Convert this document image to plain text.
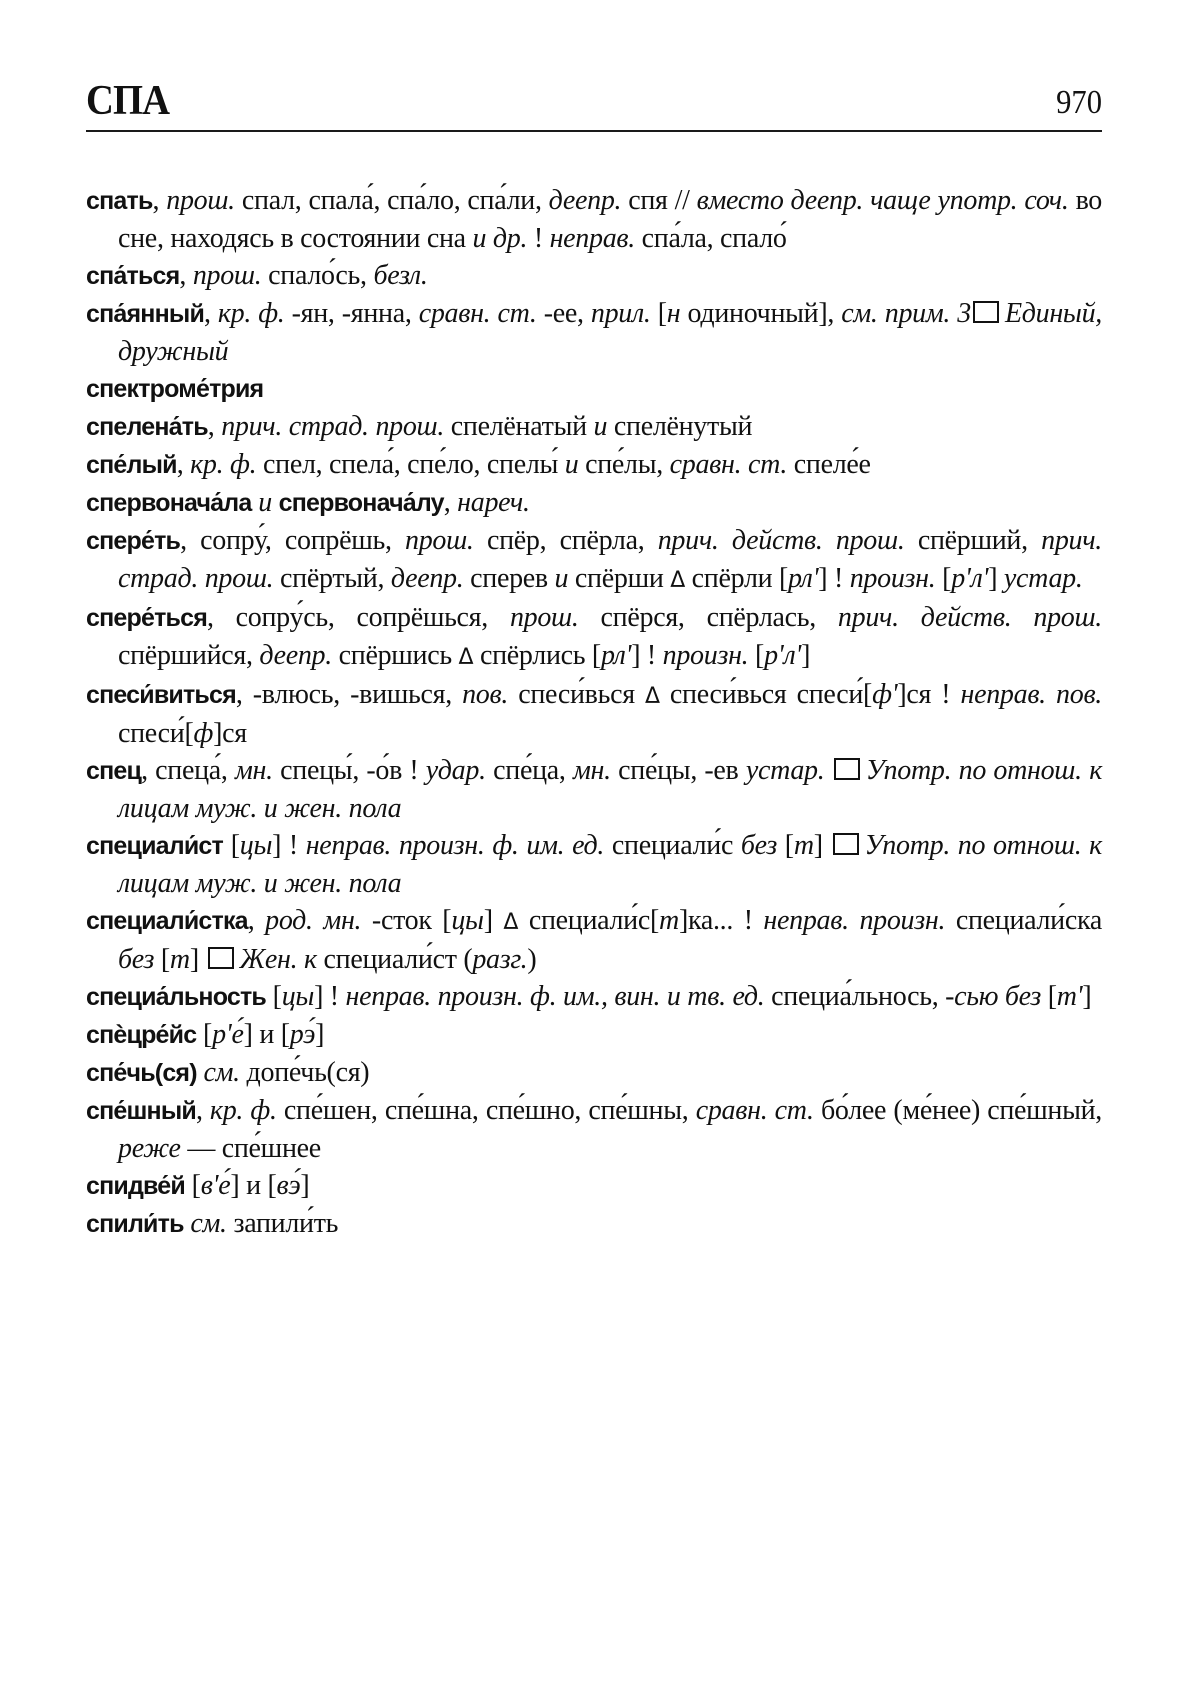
СПА	970
спать, прош. спал, спала́, спа́ло, спа́ли, деепр. спя // вместо деепр. чаще употр. соч. во сне, находясь в состоянии сна и др. ! неправ. спа́ла, спало́
спа́ться, прош. спало́сь, безл.
спа́янный, кр. ф. -ян, -янна, сравн. ст. -ее, прил. [н одиночный], см. прим. 3 Единый, дружный
спектроме́трия
спелена́ть, прич. страд. прош. спелёнатый и спелёнутый
спе́лый, кр. ф. спел, спела́, спе́ло, спелы́ и спе́лы, сравн. ст. спеле́е
спервонача́ла и спервонача́лу, нареч.
спере́ть, сопру́, сопрёшь, прош. спёр, спёрла, прич. действ. прош. спёрший, прич. страд. прош. спёртый, деепр. сперев и спёрши Δ спёрли [рл'] ! произн. [р'л'] устар.
спере́ться, сопру́сь, сопрёшься, прош. спёрся, спёрлась, прич. действ. прош. спёршийся, деепр. спёршись Δ спёрлись [рл'] ! произн. [р'л']
спеси́виться, -влюсь, -вишься, пов. спеси́вься Δ спеси́вься спеси́[ф']ся ! неправ. пов. спеси́[ф]ся
спец, спеца́, мн. спецы́, -о́в ! удар. спе́ца, мн. спе́цы, -ев устар. Употр. по отнош. к лицам муж. и жен. пола
специали́ст [цы] ! неправ. произн. ф. им. ед. специали́с без [т] Употр. по отнош. к лицам муж. и жен. пола
специали́стка, род. мн. -сток [цы] Δ специали́с[т]ка... ! неправ. произн. специали́ска без [т] Жен. к специали́ст (разг.)
специа́льность [цы] ! неправ. произн. ф. им., вин. и тв. ед. специа́льнось, -сью без [т']
спѐцре́йс [р'е́] и [рэ́]
спе́чь(ся) см. допе́чь(ся)
спе́шный, кр. ф. спе́шен, спе́шна, спе́шно, спе́шны, сравн. ст. бо́лее (ме́нее) спе́шный, реже — спе́шнее
спидве́й [в'е́] и [вэ́]
спили́ть см. запили́ть
